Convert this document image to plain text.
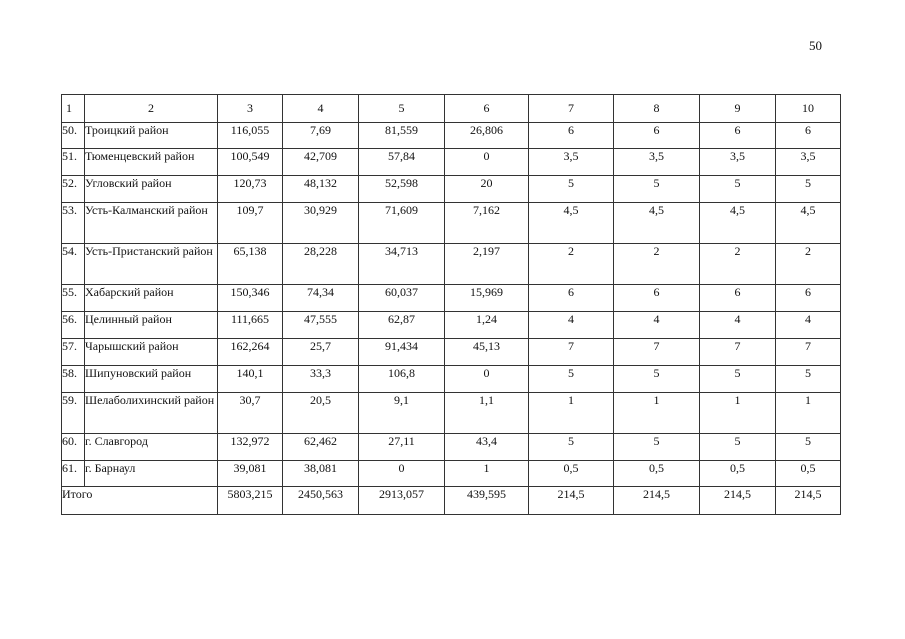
50
1	2	3	4	5	6	7	8	9	10
50.	Троицкий район	116,055	7,69	81,559	26,806	6	6	6	6
51.	Тюменцевский район	100,549	42,709	57,84	0	3,5	3,5	3,5	3,5
52.	Угловский район	120,73	48,132	52,598	20	5	5	5	5
53.	Усть-Калманский район	109,7	30,929	71,609	7,162	4,5	4,5	4,5	4,5
54.	Усть-Пристанский район	65,138	28,228	34,713	2,197	2	2	2	2
55.	Хабарский район	150,346	74,34	60,037	15,969	6	6	6	6
56.	Целинный район	111,665	47,555	62,87	1,24	4	4	4	4
57.	Чарышский район	162,264	25,7	91,434	45,13	7	7	7	7
58.	Шипуновский район	140,1	33,3	106,8	0	5	5	5	5
59.	Шелаболихинский район	30,7	20,5	9,1	1,1	1	1	1	1
60.	г. Славгород	132,972	62,462	27,11	43,4	5	5	5	5
61.	г. Барнаул	39,081	38,081	0	1	0,5	0,5	0,5	0,5
Итого		5803,215	2450,563	2913,057	439,595	214,5	214,5	214,5	214,5
